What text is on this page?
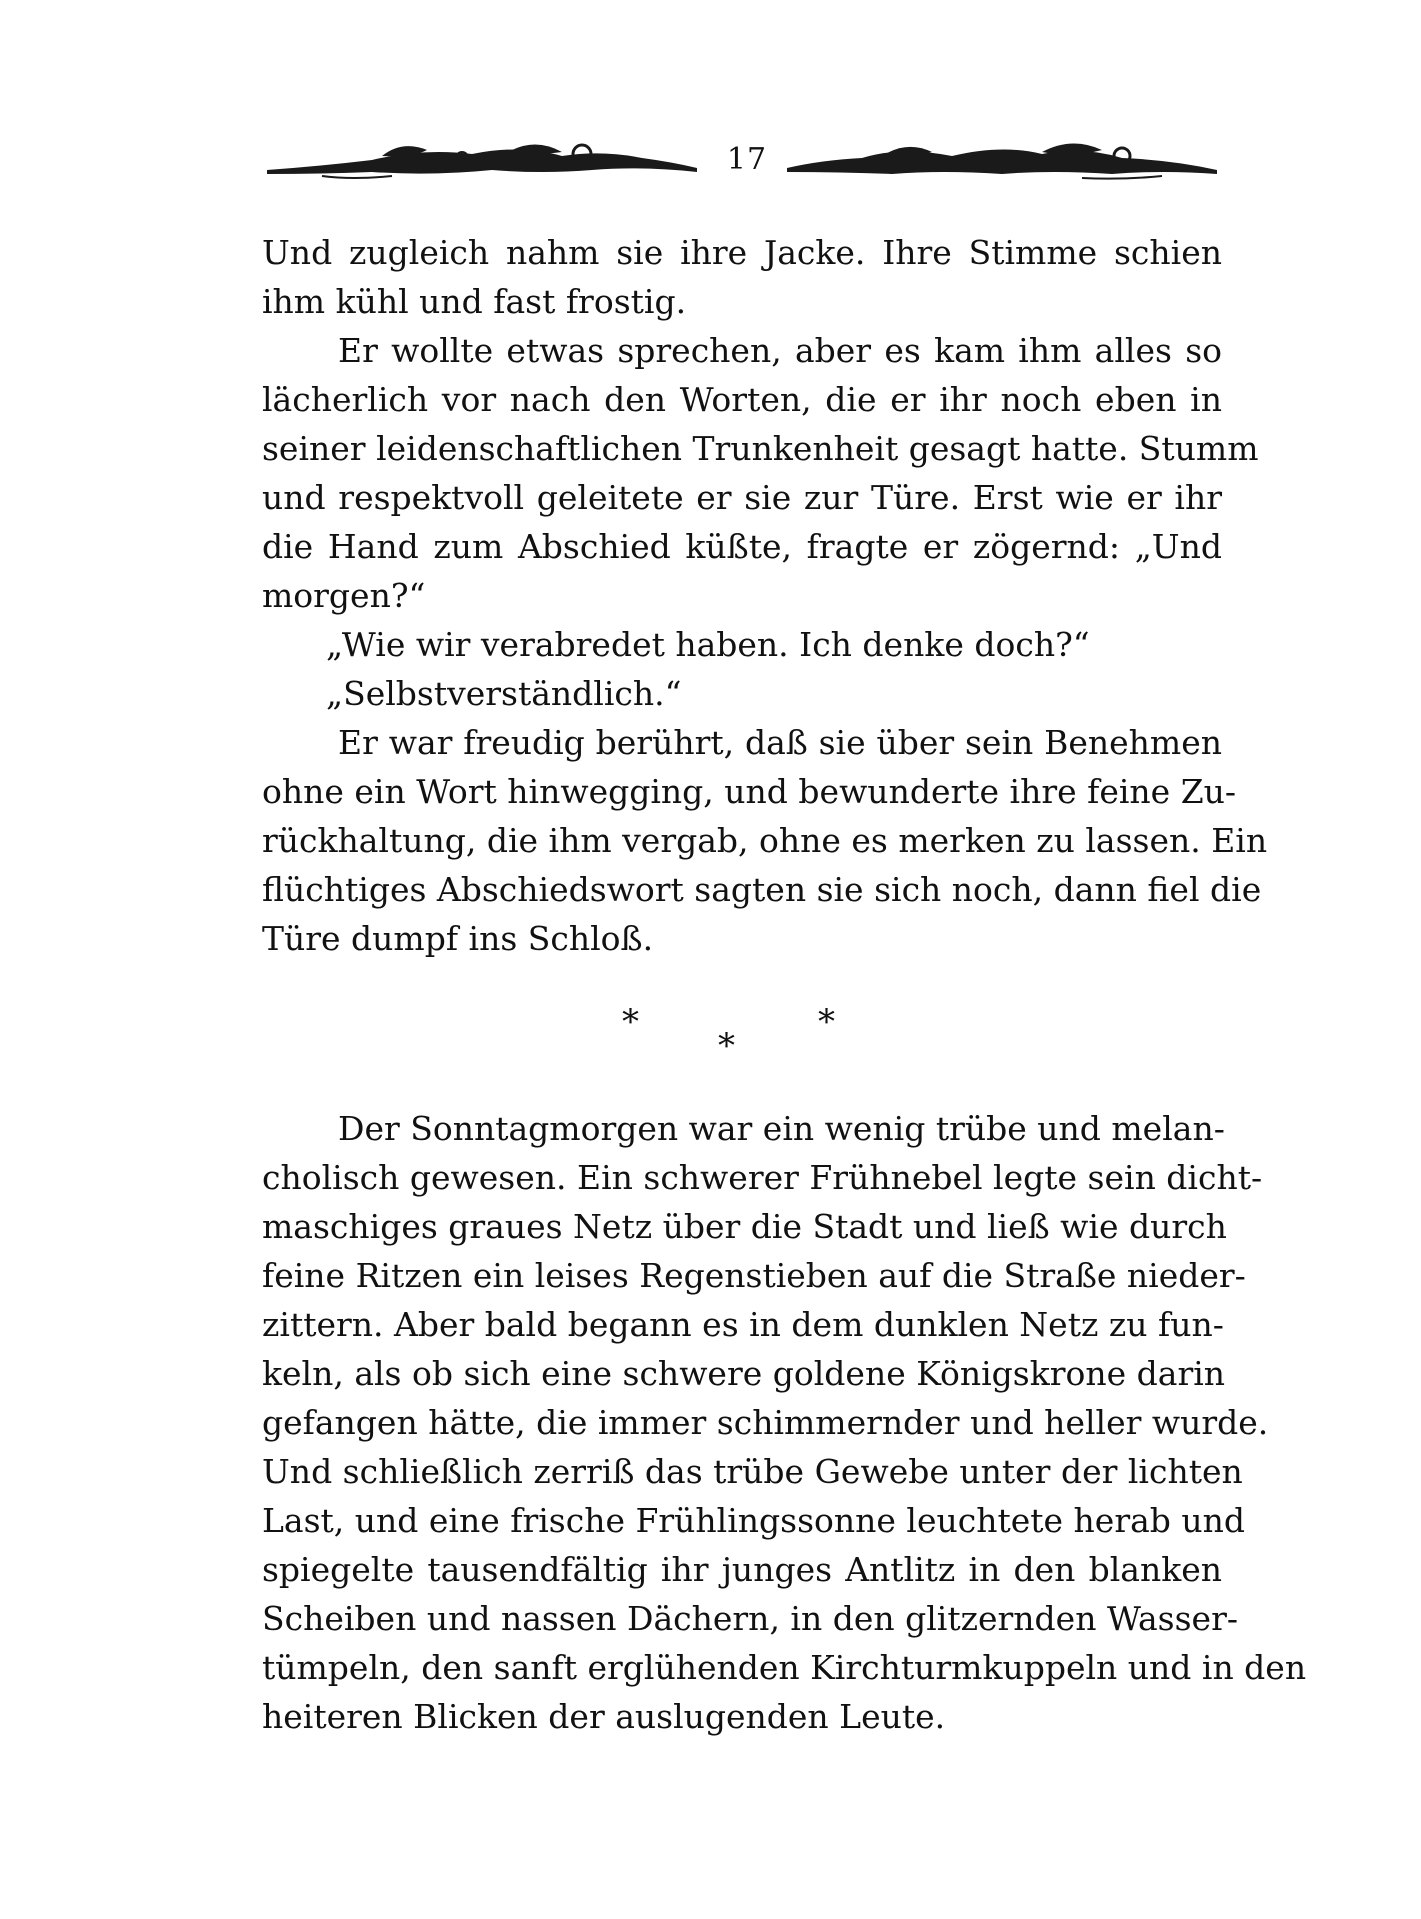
17
Und zugleich nahm sie ihre Jacke. Ihre Stimme schien
ihm kühl und fast frostig.
Er wollte etwas sprechen, aber es kam ihm alles so
lächerlich vor nach den Worten, die er ihr noch eben in
seiner leidenschaftlichen Trunkenheit gesagt hatte. Stumm
und respektvoll geleitete er sie zur Türe. Erst wie er ihr
die Hand zum Abschied küßte, fragte er zögernd: „Und
morgen?“
„Wie wir verabredet haben. Ich denke doch?“
„Selbstverständlich.“
Er war freudig berührt, daß sie über sein Benehmen
ohne ein Wort hinwegging, und bewunderte ihre feine Zu-
rückhaltung, die ihm vergab, ohne es merken zu lassen. Ein
flüchtiges Abschiedswort sagten sie sich noch, dann fiel die
Türe dumpf ins Schloß.
*
*
*
Der Sonntagmorgen war ein wenig trübe und melan-
cholisch gewesen. Ein schwerer Frühnebel legte sein dicht-
maschiges graues Netz über die Stadt und ließ wie durch
feine Ritzen ein leises Regenstieben auf die Straße nieder-
zittern. Aber bald begann es in dem dunklen Netz zu fun-
keln, als ob sich eine schwere goldene Königskrone darin
gefangen hätte, die immer schimmernder und heller wurde.
Und schließlich zerriß das trübe Gewebe unter der lichten
Last, und eine frische Frühlingssonne leuchtete herab und
spiegelte tausendfältig ihr junges Antlitz in den blanken
Scheiben und nassen Dächern, in den glitzernden Wasser-
tümpeln, den sanft erglühenden Kirchturmkuppeln und in den
heiteren Blicken der auslugenden Leute.
